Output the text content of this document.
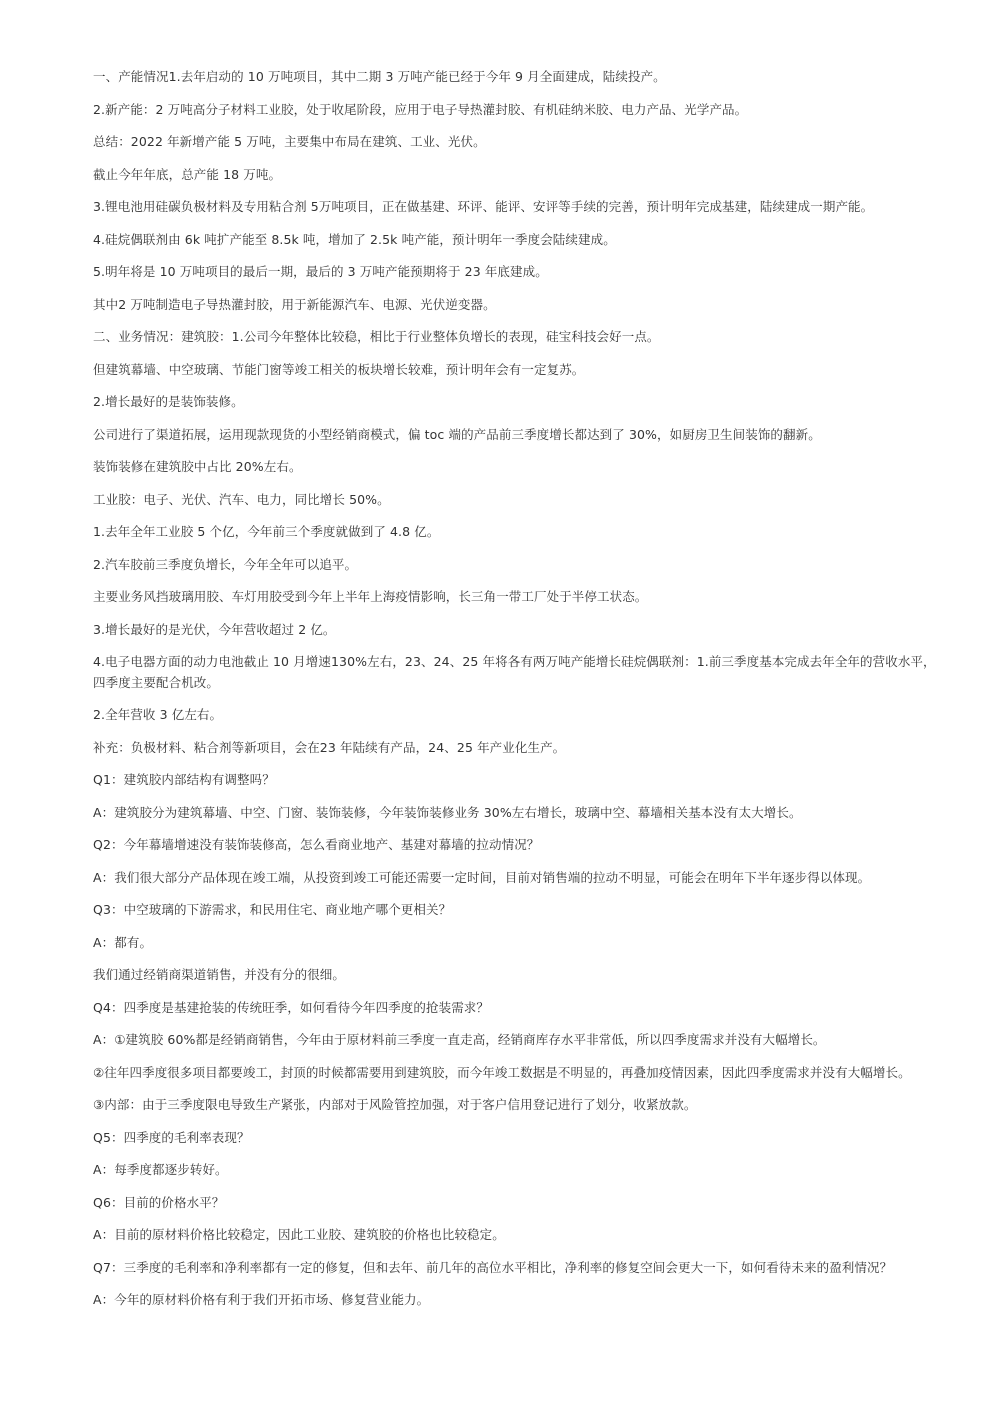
一、产能情况1.去年启动的 10 万吨项目，其中二期 3 万吨产能已经于今年 9 月全面建成，陆续投产。

2.新产能：2 万吨高分子材料工业胶，处于收尾阶段，应用于电子导热灌封胶、有机硅纳米胶、电力产品、光学产品。

总结：2022 年新增产能 5 万吨，主要集中布局在建筑、工业、光伏。

截止今年年底，总产能 18 万吨。

3.锂电池用硅碳负极材料及专用粘合剂 5万吨项目，正在做基建、环评、能评、安评等手续的完善，预计明年完成基建，陆续建成一期产能。

4.硅烷偶联剂由 6k 吨扩产能至 8.5k 吨，增加了 2.5k 吨产能，预计明年一季度会陆续建成。

5.明年将是 10 万吨项目的最后一期，最后的 3 万吨产能预期将于 23 年底建成。

其中2 万吨制造电子导热灌封胶，用于新能源汽车、电源、光伏逆变器。

二、业务情况：建筑胶：1.公司今年整体比较稳，相比于行业整体负增长的表现，硅宝科技会好一点。

但建筑幕墙、中空玻璃、节能门窗等竣工相关的板块增长较难，预计明年会有一定复苏。

2.增长最好的是装饰装修。

公司进行了渠道拓展，运用现款现货的小型经销商模式，偏 toc 端的产品前三季度增长都达到了 30%，如厨房卫生间装饰的翻新。

装饰装修在建筑胶中占比 20%左右。

工业胶：电子、光伏、汽车、电力，同比增长 50%。

1.去年全年工业胶 5 个亿，今年前三个季度就做到了 4.8 亿。

2.汽车胶前三季度负增长，今年全年可以追平。

主要业务风挡玻璃用胶、车灯用胶受到今年上半年上海疫情影响，长三角一带工厂处于半停工状态。

3.增长最好的是光伏，今年营收超过 2 亿。

4.电子电器方面的动力电池截止 10 月增速130%左右，23、24、25 年将各有两万吨产能增长硅烷偶联剂：1.前三季度基本完成去年全年的营收水平，四季度主要配合机改。

2.全年营收 3 亿左右。

补充：负极材料、粘合剂等新项目，会在23 年陆续有产品，24、25 年产业化生产。

Q1：建筑胶内部结构有调整吗？

A：建筑胶分为建筑幕墙、中空、门窗、装饰装修，今年装饰装修业务 30%左右增长，玻璃中空、幕墙相关基本没有太大增长。

Q2：今年幕墙增速没有装饰装修高，怎么看商业地产、基建对幕墙的拉动情况？

A：我们很大部分产品体现在竣工端，从投资到竣工可能还需要一定时间，目前对销售端的拉动不明显，可能会在明年下半年逐步得以体现。

Q3：中空玻璃的下游需求，和民用住宅、商业地产哪个更相关？

A：都有。

我们通过经销商渠道销售，并没有分的很细。

Q4：四季度是基建抢装的传统旺季，如何看待今年四季度的抢装需求？

A：①建筑胶 60%都是经销商销售，今年由于原材料前三季度一直走高，经销商库存水平非常低，所以四季度需求并没有大幅增长。

②往年四季度很多项目都要竣工，封顶的时候都需要用到建筑胶，而今年竣工数据是不明显的，再叠加疫情因素，因此四季度需求并没有大幅增长。

③内部：由于三季度限电导致生产紧张，内部对于风险管控加强，对于客户信用登记进行了划分，收紧放款。

Q5：四季度的毛利率表现？

A：每季度都逐步转好。

Q6：目前的价格水平？

A：目前的原材料价格比较稳定，因此工业胶、建筑胶的价格也比较稳定。

Q7：三季度的毛利率和净利率都有一定的修复，但和去年、前几年的高位水平相比，净利率的修复空间会更大一下，如何看待未来的盈利情况？

A：今年的原材料价格有利于我们开拓市场、修复营业能力。
